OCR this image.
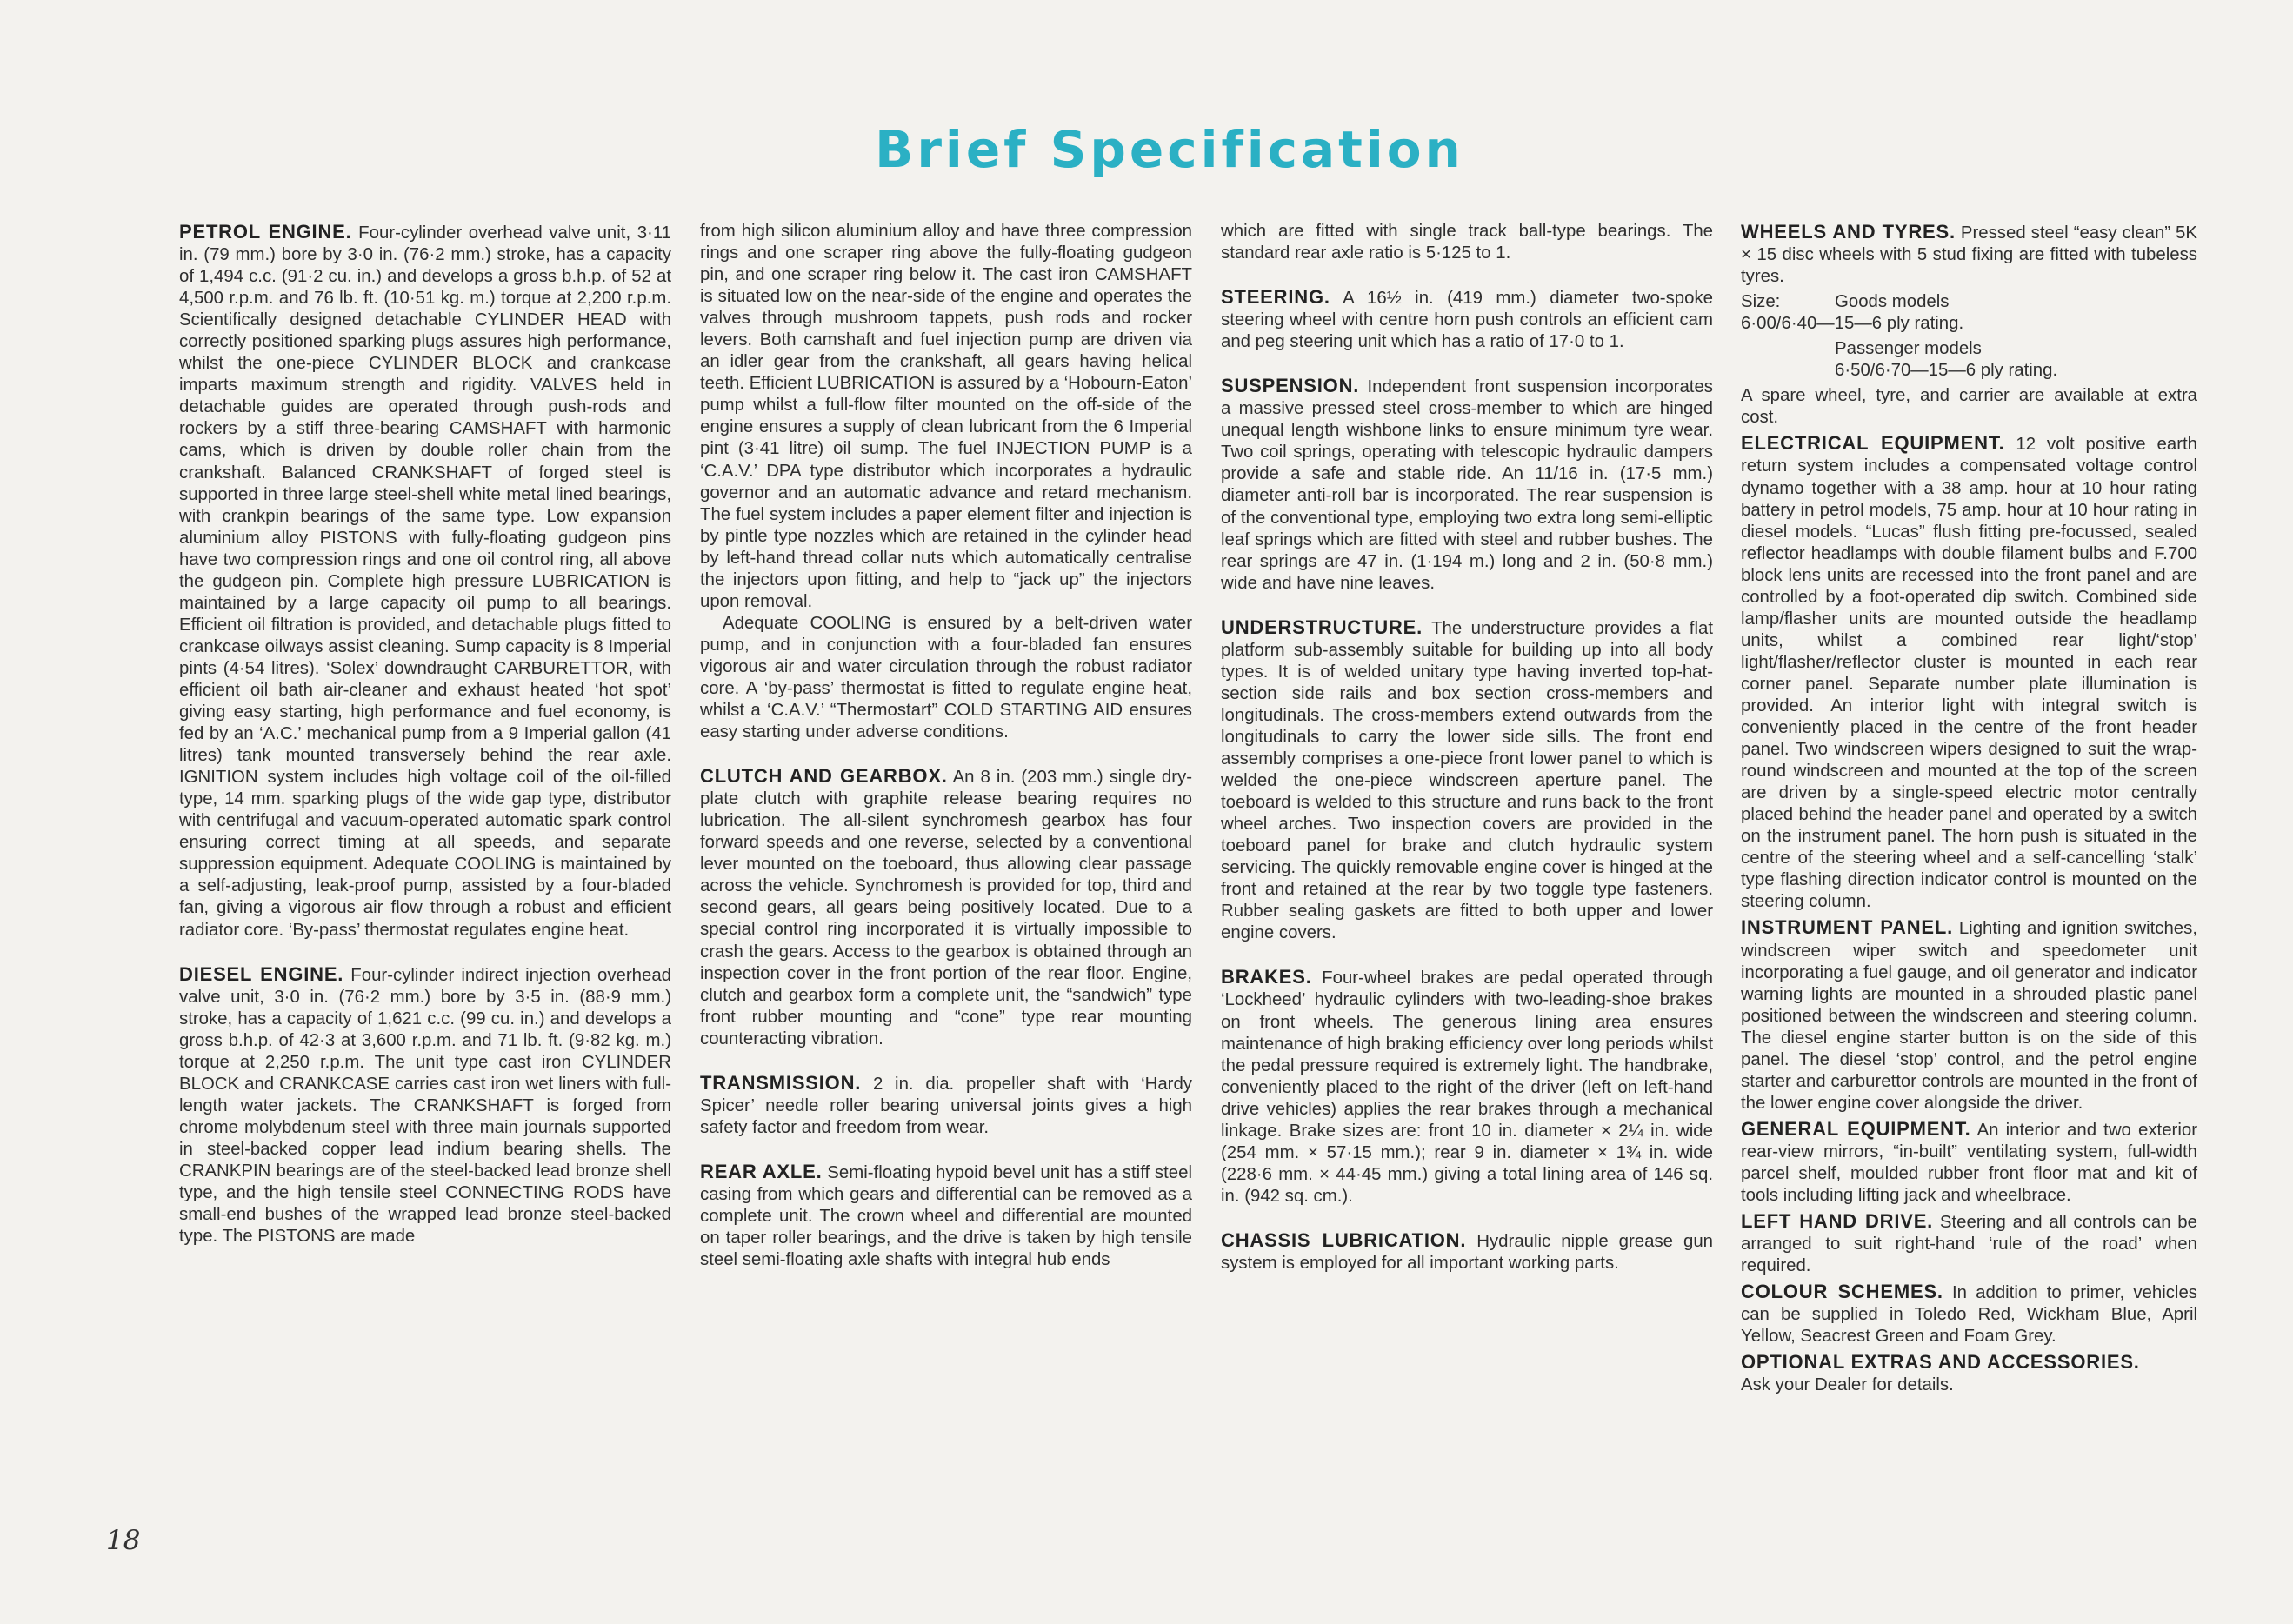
Brief Specification

PETROL ENGINE. Four-cylinder overhead valve unit, 3·11 in. (79 mm.) bore by 3·0 in. (76·2 mm.) stroke, has a capacity of 1,494 c.c. (91·2 cu. in.) and develops a gross b.h.p. of 52 at 4,500 r.p.m. and 76 lb. ft. (10·51 kg. m.) torque at 2,200 r.p.m. Scientifically designed detachable CYLINDER HEAD with correctly positioned sparking plugs assures high performance, whilst the one-piece CYLINDER BLOCK and crankcase imparts maximum strength and rigidity. VALVES held in detachable guides are operated through push-rods and rockers by a stiff three-bearing CAMSHAFT with harmonic cams, which is driven by double roller chain from the crankshaft. Balanced CRANKSHAFT of forged steel is supported in three large steel-shell white metal lined bearings, with crankpin bearings of the same type. Low expansion aluminium alloy PISTONS with fully-floating gudgeon pins have two compression rings and one oil control ring, all above the gudgeon pin. Complete high pressure LUBRICATION is maintained by a large capacity oil pump to all bearings. Efficient oil filtration is provided, and detachable plugs fitted to crankcase oilways assist cleaning. Sump capacity is 8 Imperial pints (4·54 litres). ‘Solex’ downdraught CARBURETTOR, with efficient oil bath air-cleaner and exhaust heated ‘hot spot’ giving easy starting, high performance and fuel economy, is fed by an ‘A.C.’ mechanical pump from a 9 Imperial gallon (41 litres) tank mounted transversely behind the rear axle. IGNITION system includes high voltage coil of the oil-filled type, 14 mm. sparking plugs of the wide gap type, distributor with centrifugal and vacuum-operated automatic spark control ensuring correct timing at all speeds, and separate suppression equipment. Adequate COOLING is maintained by a self-adjusting, leak-proof pump, assisted by a four-bladed fan, giving a vigorous air flow through a robust and efficient radiator core. ‘By-pass’ thermostat regulates engine heat.

DIESEL ENGINE. Four-cylinder indirect injection overhead valve unit, 3·0 in. (76·2 mm.) bore by 3·5 in. (88·9 mm.) stroke, has a capacity of 1,621 c.c. (99 cu. in.) and develops a gross b.h.p. of 42·3 at 3,600 r.p.m. and 71 lb. ft. (9·82 kg. m.) torque at 2,250 r.p.m. The unit type cast iron CYLINDER BLOCK and CRANKCASE carries cast iron wet liners with full-length water jackets. The CRANKSHAFT is forged from chrome molybdenum steel with three main journals supported in steel-backed copper lead indium bearing shells. The CRANKPIN bearings are of the steel-backed lead bronze shell type, and the high tensile steel CONNECTING RODS have small-end bushes of the wrapped lead bronze steel-backed type. The PISTONS are made

from high silicon aluminium alloy and have three compression rings and one scraper ring above the fully-floating gudgeon pin, and one scraper ring below it. The cast iron CAMSHAFT is situated low on the near-side of the engine and operates the valves through mushroom tappets, push rods and rocker levers. Both camshaft and fuel injection pump are driven via an idler gear from the crankshaft, all gears having helical teeth. Efficient LUBRICATION is assured by a ‘Hobourn-Eaton’ pump whilst a full-flow filter mounted on the off-side of the engine ensures a supply of clean lubricant from the 6 Imperial pint (3·41 litre) oil sump. The fuel INJECTION PUMP is a ‘C.A.V.’ DPA type distributor which incorporates a hydraulic governor and an automatic advance and retard mechanism. The fuel system includes a paper element filter and injection is by pintle type nozzles which are retained in the cylinder head by left-hand thread collar nuts which automatically centralise the injectors upon fitting, and help to “jack up” the injectors upon removal.

Adequate COOLING is ensured by a belt-driven water pump, and in conjunction with a four-bladed fan ensures vigorous air and water circulation through the robust radiator core. A ‘by-pass’ thermostat is fitted to regulate engine heat, whilst a ‘C.A.V.’ “Thermostart” COLD STARTING AID ensures easy starting under adverse conditions.

CLUTCH AND GEARBOX. An 8 in. (203 mm.) single dry-plate clutch with graphite release bearing requires no lubrication. The all-silent synchromesh gearbox has four forward speeds and one reverse, selected by a conventional lever mounted on the toeboard, thus allowing clear passage across the vehicle. Synchromesh is provided for top, third and second gears, all gears being positively located. Due to a special control ring incorporated it is virtually impossible to crash the gears. Access to the gearbox is obtained through an inspection cover in the front portion of the rear floor. Engine, clutch and gearbox form a complete unit, the “sandwich” type front rubber mounting and “cone” type rear mounting counteracting vibration.

TRANSMISSION. 2 in. dia. propeller shaft with ‘Hardy Spicer’ needle roller bearing universal joints gives a high safety factor and freedom from wear.

REAR AXLE. Semi-floating hypoid bevel unit has a stiff steel casing from which gears and differential can be removed as a complete unit. The crown wheel and differential are mounted on taper roller bearings, and the drive is taken by high tensile steel semi-floating axle shafts with integral hub ends

which are fitted with single track ball-type bearings. The standard rear axle ratio is 5·125 to 1.

STEERING. A 16½ in. (419 mm.) diameter two-spoke steering wheel with centre horn push controls an efficient cam and peg steering unit which has a ratio of 17·0 to 1.

SUSPENSION. Independent front suspension incorporates a massive pressed steel cross-member to which are hinged unequal length wishbone links to ensure minimum tyre wear. Two coil springs, operating with telescopic hydraulic dampers provide a safe and stable ride. An 11/16 in. (17·5 mm.) diameter anti-roll bar is incorporated. The rear suspension is of the conventional type, employing two extra long semi-elliptic leaf springs which are fitted with steel and rubber bushes. The rear springs are 47 in. (1·194 m.) long and 2 in. (50·8 mm.) wide and have nine leaves.

UNDERSTRUCTURE. The understructure provides a flat platform sub-assembly suitable for building up into all body types. It is of welded unitary type having inverted top-hat-section side rails and box section cross-members and longitudinals. The cross-members extend outwards from the longitudinals to carry the lower side sills. The front end assembly comprises a one-piece front lower panel to which is welded the one-piece windscreen aperture panel. The toeboard is welded to this structure and runs back to the front wheel arches. Two inspection covers are provided in the toeboard panel for brake and clutch hydraulic system servicing. The quickly removable engine cover is hinged at the front and retained at the rear by two toggle type fasteners. Rubber sealing gaskets are fitted to both upper and lower engine covers.

BRAKES. Four-wheel brakes are pedal operated through ‘Lockheed’ hydraulic cylinders with two-leading-shoe brakes on front wheels. The generous lining area ensures maintenance of high braking efficiency over long periods whilst the pedal pressure required is extremely light. The handbrake, conveniently placed to the right of the driver (left on left-hand drive vehicles) applies the rear brakes through a mechanical linkage. Brake sizes are: front 10 in. diameter × 2¼ in. wide (254 mm. × 57·15 mm.); rear 9 in. diameter × 1¾ in. wide (228·6 mm. × 44·45 mm.) giving a total lining area of 146 sq. in. (942 sq. cm.).

CHASSIS LUBRICATION. Hydraulic nipple grease gun system is employed for all important working parts.

WHEELS AND TYRES. Pressed steel “easy clean” 5K × 15 disc wheels with 5 stud fixing are fitted with tubeless tyres.

Size:	Goods models6·00/6·40—15—6 ply rating.
Passenger models6·50/6·70—15—6 ply rating.

A spare wheel, tyre, and carrier are available at extra cost.

ELECTRICAL EQUIPMENT. 12 volt positive earth return system includes a compensated voltage control dynamo together with a 38 amp. hour at 10 hour rating battery in petrol models, 75 amp. hour at 10 hour rating in diesel models. “Lucas” flush fitting pre-focussed, sealed reflector headlamps with double filament bulbs and F.700 block lens units are recessed into the front panel and are controlled by a foot-operated dip switch. Combined side lamp/flasher units are mounted outside the headlamp units, whilst a combined rear light/‘stop’ light/flasher/reflector cluster is mounted in each rear corner panel. Separate number plate illumination is provided. An interior light with integral switch is conveniently placed in the centre of the front header panel. Two windscreen wipers designed to suit the wrap-round windscreen and mounted at the top of the screen are driven by a single-speed electric motor centrally placed behind the header panel and operated by a switch on the instrument panel. The horn push is situated in the centre of the steering wheel and a self-cancelling ‘stalk’ type flashing direction indicator control is mounted on the steering column.

INSTRUMENT PANEL. Lighting and ignition switches, windscreen wiper switch and speedometer unit incorporating a fuel gauge, and oil generator and indicator warning lights are mounted in a shrouded plastic panel positioned between the windscreen and steering column. The diesel engine starter button is on the side of this panel. The diesel ‘stop’ control, and the petrol engine starter and carburettor controls are mounted in the front of the lower engine cover alongside the driver.

GENERAL EQUIPMENT. An interior and two exterior rear-view mirrors, “in-built” ventilating system, full-width parcel shelf, moulded rubber front floor mat and kit of tools including lifting jack and wheelbrace.

LEFT HAND DRIVE. Steering and all controls can be arranged to suit right-hand ‘rule of the road’ when required.

COLOUR SCHEMES. In addition to primer, vehicles can be supplied in Toledo Red, Wickham Blue, April Yellow, Seacrest Green and Foam Grey.

OPTIONAL EXTRAS AND ACCESSORIES.
Ask your Dealer for details.

18
